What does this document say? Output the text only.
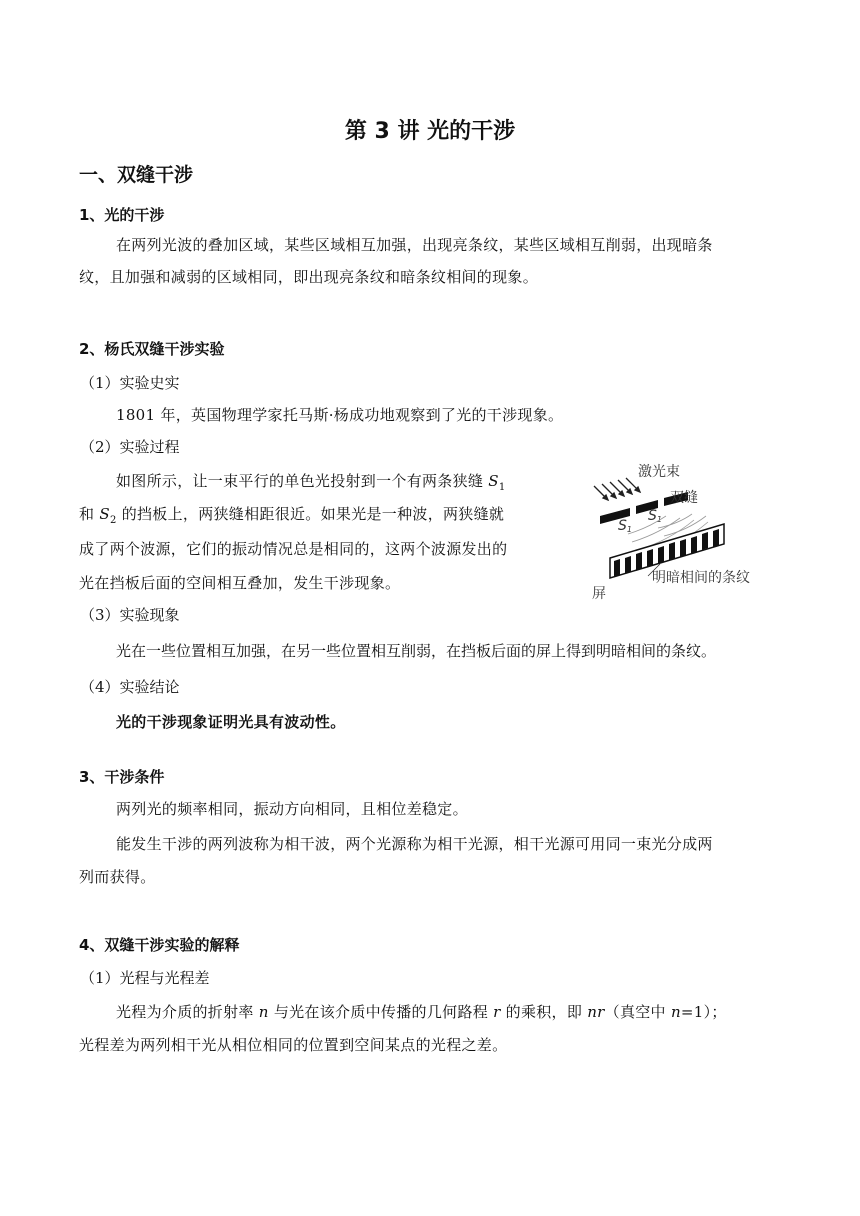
第 3 讲 光的干涉
一、双缝干涉
1、光的干涉
在两列光波的叠加区域，某些区域相互加强，出现亮条纹，某些区域相互削弱，出现暗条
纹，且加强和减弱的区域相同，即出现亮条纹和暗条纹相间的现象。
2、杨氏双缝干涉实验
（1）实验史实
1801 年，英国物理学家托马斯·杨成功地观察到了光的干涉现象。
（2）实验过程
如图所示，让一束平行的单色光投射到一个有两条狭缝 $S_1$
和 $S_2$ 的挡板上，两狭缝相距很近。如果光是一种波，两狭缝就
成了两个波源，它们的振动情况总是相同的，这两个波源发出的
光在挡板后面的空间相互叠加，发生干涉现象。
激光束
双缝
S1
S1
屏
明暗相间的条纹
（3）实验现象
光在一些位置相互加强，在另一些位置相互削弱，在挡板后面的屏上得到明暗相间的条纹。
（4）实验结论
光的干涉现象证明光具有波动性。
3、干涉条件
两列光的频率相同，振动方向相同，且相位差稳定。
能发生干涉的两列波称为相干波，两个光源称为相干光源，相干光源可用同一束光分成两
列而获得。
4、双缝干涉实验的解释
（1）光程与光程差
光程为介质的折射率 n 与光在该介质中传播的几何路程 r 的乘积，即 nr（真空中 n=1）；
光程差为两列相干光从相位相同的位置到空间某点的光程之差。
